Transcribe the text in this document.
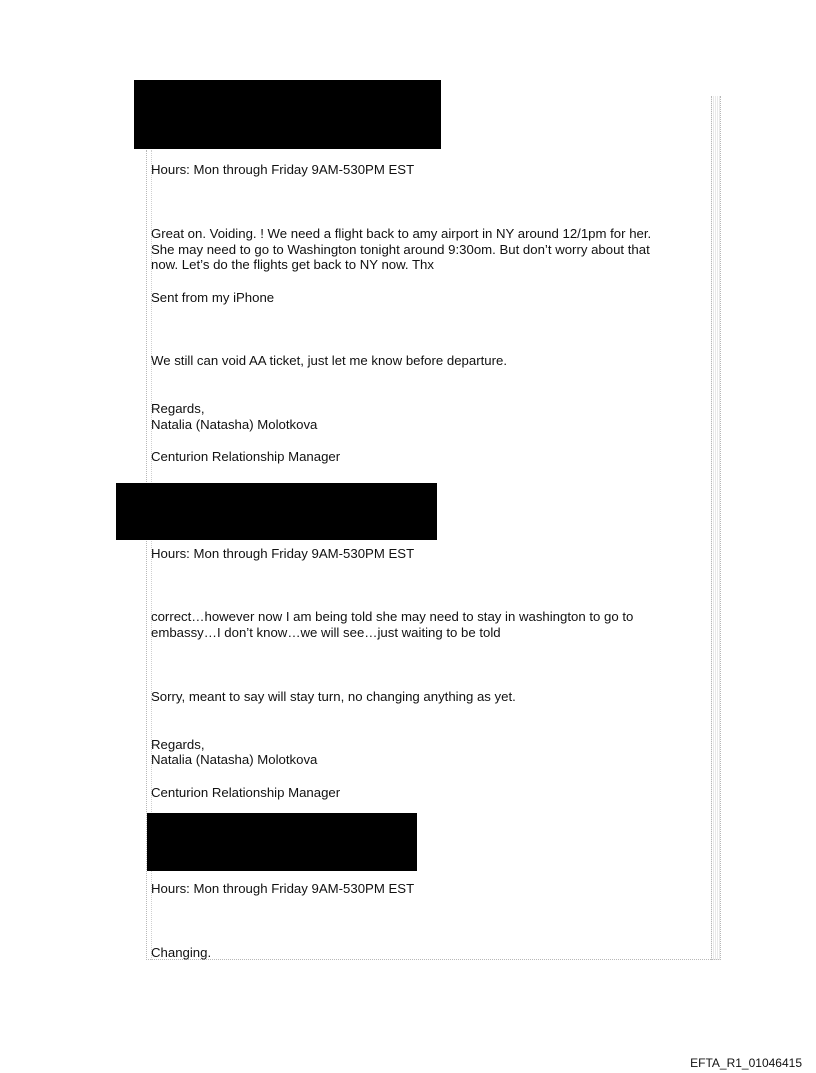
Hours: Mon through Friday 9AM-530PM EST
Great on. Voiding. ! We need a flight back to amy airport in NY around 12/1pm for her.
She may need to go to Washington tonight around 9:30om. But don’t worry about that
now. Let’s do the flights get back to NY now. Thx
Sent from my iPhone
We still can void AA ticket, just let me know before departure.
Regards,
Natalia (Natasha) Molotkova
Centurion Relationship Manager
Hours: Mon through Friday 9AM-530PM EST
correct…however now I am being told she may need to stay in washington to go to
embassy…I don’t know…we will see…just waiting to be told
Sorry, meant to say will stay turn, no changing anything as yet.
Regards,
Natalia (Natasha) Molotkova
Centurion Relationship Manager
Hours: Mon through Friday 9AM-530PM EST
Changing.
EFTA_R1_01046415
